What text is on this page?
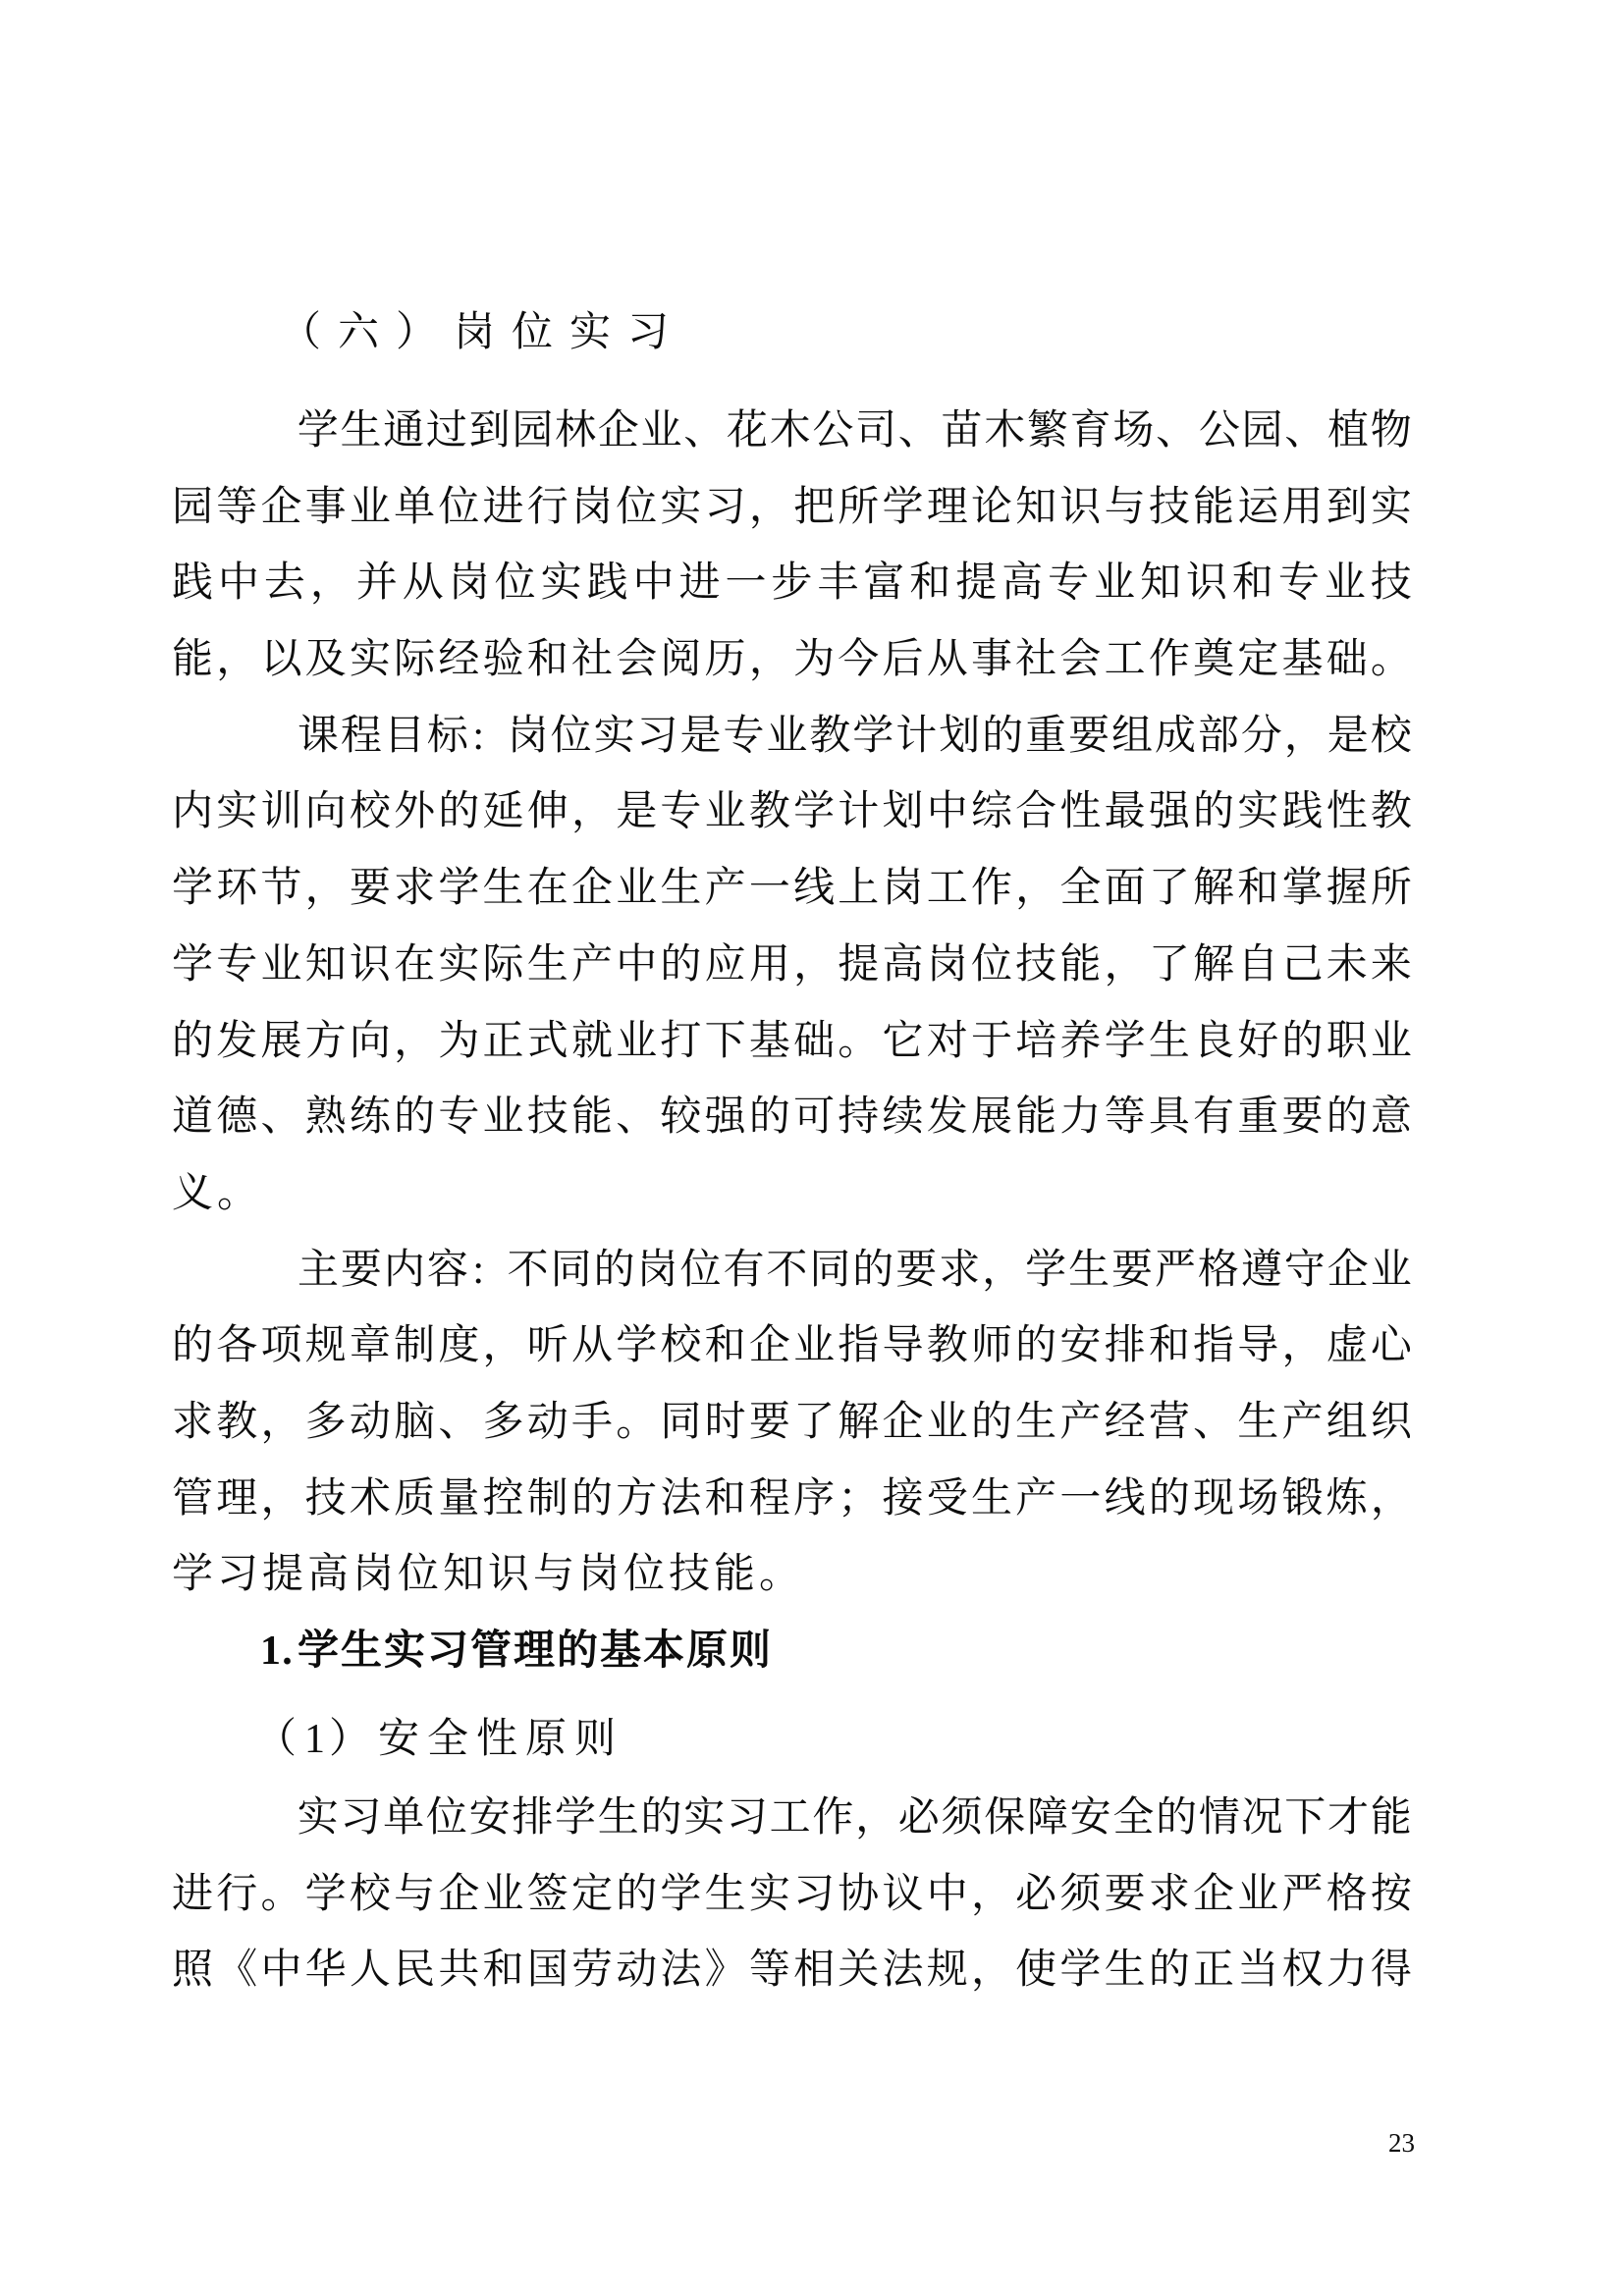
（ 六 ） 岗 位 实 习
学 生 通 过 到 园 林 企 业 、 花 木 公 司 、 苗 木 繁 育 场 、 公 园 、 植 物
园 等 企 事 业 单 位 进 行 岗 位 实 习 ， 把 所 学 理 论 知 识 与 技 能 运 用 到 实
践 中 去 ， 并 从 岗 位 实 践 中 进 一 步 丰 富 和 提 高 专 业 知 识 和 专 业 技
能 ， 以 及 实 际 经 验 和 社 会 阅 历 ， 为 今 后 从 事 社 会 工 作 奠 定 基 础 。
课 程 目 标 :
岗 位 实 习 是 专 业 教 学 计 划 的 重 要 组 成 部 分 ， 是 校
内 实 训 向 校 外 的 延 伸 ， 是 专 业 教 学 计 划 中 综 合 性 最 强 的 实 践 性 教
学 环 节 ， 要 求 学 生 在 企 业 生 产 一 线 上 岗 工 作 ， 全 面 了 解 和 掌 握 所
学 专 业 知 识 在 实 际 生 产 中 的 应 用 ， 提 高 岗 位 技 能 ， 了 解 自 己 未 来
的 发 展 方 向 ， 为 正 式 就 业 打 下 基 础 。 它 对 于 培 养 学 生 良 好 的 职 业
道 德 、 熟 练 的 专 业 技 能 、 较 强 的 可 持 续 发 展 能 力 等 具 有 重 要 的 意
义 。
主 要 内 容 :
不 同 的 岗 位 有 不 同 的 要 求 ， 学 生 要 严 格 遵 守 企 业
的 各 项 规 章 制 度 ， 听 从 学 校 和 企 业 指 导 教 师 的 安 排 和 指 导 ， 虚 心
求 教 ， 多 动 脑 、 多 动 手 。 同 时 要 了 解 企 业 的 生 产 经 营 、 生 产 组 织
管 理 ， 技 术 质 量 控 制 的 方 法 和 程 序 ； 接 受 生 产 一 线 的 现 场 锻 炼 ，
学 习 提 高 岗 位 知 识 与 岗 位 技 能 。
1 . 学 生 实 习 管 理 的 基 本 原 则
（ 1 ） 安 全 性 原 则
实 习 单 位 安 排 学 生 的 实 习 工 作 ， 必 须 保 障 安 全 的 情 况 下 才 能
进 行 。 学 校 与 企 业 签 定 的 学 生 实 习 协 议 中 ， 必 须 要 求 企 业 严 格 按
照 《 中 华 人 民 共 和 国 劳 动 法 》 等 相 关 法 规 ， 使 学 生 的 正 当 权 力 得
23
